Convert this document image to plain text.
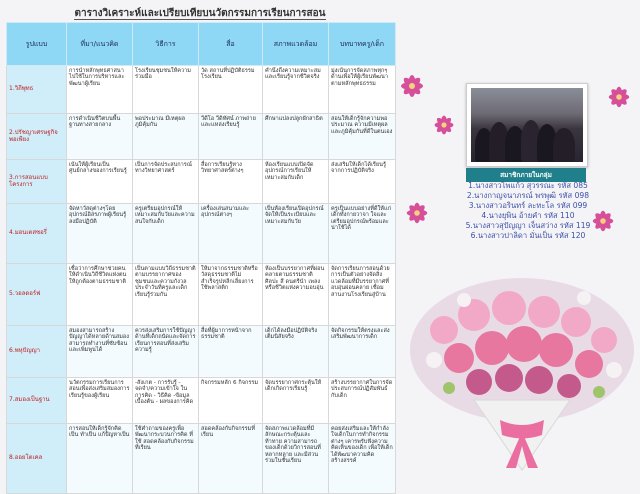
ตารางวิเคราะห์และเปรียบเทียบนวัตกรรมการเรียนการสอน
รูปแบบ	ที่มา/แนวคิด	วิธีการ	สื่อ	สภาพแวดล้อม	บทบาทครู/เด็ก
1.วิถีพุทธ	การนำหลักพุทธศาสนาไปใช้ในการบริหารและพัฒนาผู้เรียน	โรงเรียนชุมชนให้ความร่วมมือ	วัด สถานที่ปฏิบัติธรรม โรงเรียน	คำนึงถึงความเหมาะสมและเรียนรู้จากชีวิตจริง	มุ่งเน้นการจัดสภาพทุกๆด้านเพื่อให้ผู้เรียนพัฒนาตามหลักพุทธธรรม
2.ปรัชญาเศรษฐกิจพอเพียง	การดำเนินชีวิตบนพื้นฐานทางสายกลาง	พอประมาณ มีเหตุผล ภูมิคุ้มกัน	วีดีโอ วีดิทัศน์ ภาพถ่าย และแหล่งเรียนรู้	ศึกษาแปลงปลูกผักสาธิต	สอนให้เด็กรู้จักความพอประมาณ ความมีเหตุผลและภูมิคุ้มกันที่ดีในตนเอง
3.การสอนแบบโครงการ	เน้นให้ผู้เรียนเป็นศูนย์กลางของการเรียนรู้	เป็นการจัดประสบการณ์ทางวิทยาศาสตร์	สื่อการเรียนรู้ทางวิทยาศาสตร์ต่างๆ	ห้องเรียนแบบเปิดจัดอุปกรณ์การเรียนให้เหมาะสมกับเด็ก	ส่งเสริมให้เด็กได้เรียนรู้จากการปฏิบัติจริง
4.มอนเตสซอรี่	จัดหาวัสดุต่างๆโดยอุปกรณ์อิสรภาพผู้เรียนรู้ลงมือปฏิบัติ	ครูเตรียมอุปกรณ์ให้เหมาะสมกับวัยและความสนใจกับเด็ก	เครื่องเล่นสนามและอุปกรณ์ต่างๆ	เป็นห้องเรียนเปิดอุปกรณ์จัดให้เป็นระเบียบและเหมาะสมกับวัย	ครูเป็นแบบอย่างที่ดีให้แก่เด็กทั้งกายวาจา ใจและเตรียมอุปกรณ์พร้อมและน่าใช้ได้
5.วอลดอร์ฟ	เชื่อว่าการศึกษาช่วยคนให้ดำเนินวิถีชีวิตแห่งตนให้ถูกต้องตามธรรมชาติ	เป็นตามแบบวิถีธรรมชาติตามบรรยากาศของชุมชนและความกังวลประจำวันที่ครูและเด็กเรียนรู้ร่วมกัน	ให้มาจากธรรมชาติหรือวัสดุธรรมชาติไม่สำเร็จรูปหลีกเลี่ยงการใช้พลาสติก	ห้องเป็นบรรยากาศที่ผ่อนคลายตามธรรมชาติ ศิลปะ สี ดนตรีนำ เพลง หรือชีวิตแห่งความอบอุ่น	จัดการเรียนการสอนด้วยการเป็นตัวอย่างจัดสิ่งแวดล้อมที่มีบรรยากาศที่อบอุ่นผ่อนคลาย เชื่อมสานงานโรงเรียนสู่บ้าน
6.พหุปัญญา	สมองสามารถสร้างปัญญาได้หลายด้านสมองสามารถทำงานที่ซับซ้อนและเพิ่มพูนได้	ควรส่งเสริมการใช้ปัญญาด้านที่เด็กถนัดและจัดการเรียนการสอนที่ส่งเสริมความรู้	สื่อที่ผู้มาการหน้าจากธรรมชาติ	เด็กได้ลงมือปฏิบัติจริงเต็มนิสัยจริง	จัดกิจกรรมให้ตรงและส่งเสริมพัฒนาการเด็ก
7.สมองเป็นฐาน	นวัตกรรมการเรียนการสอนเพื่อส่งเสริมสมองการเรียนรู้ของผู้เรียน	-สังเกต - การรับรู้ - จดจำ/ความเข้าใจ ในการคิด - วิธีคิด -ข้อมูลเบื้องต้น - ผลของการคิด	กิจกรรมหลัก 6 กิจกรรม	จัดบรรยากาศกระตุ้นให้เด็กเกิดการเรียนรู้	สร้างบรรยากาศในการจัดประสบการณ์ปฏิสัมพันธ์กับเด็ก
8.ออยโตเคล	การสอนให้เด็กรู้จักคิดเป็น ทำเป็น แก้ปัญหาเป็น	ใช้คำถามของครูเพื่อพัฒนากระบวนการคิด ที่ใช้ สอดคล้องกับกิจกรรมที่เรียน	สอดคล้องกับกิจกรรมที่เรียน	จัดสภาพแวดล้อมที่มีลักษณะกระตุ้นและท้าทาย ความสามารถของเด็กด้วยวิการสอนที่หลากหลาย และมีส่วนร่วมในชั้นเรียน	คอยส่งเสริมและให้กำลังใจเด็กในการทำกิจกรรมต่างๆ เคารพรับฟังความคิดเห็นของเด็ก เพื่อให้เด็กได้พัฒนาความคิดสร้างสรรค์
สมาชิกภายในกลุ่ม
1.นางสาวไพแก้ว สุวรรณะ รหัส 085
2.นางกาญจนาภรณ์ พรพุฒิ รหัส 098
3.นางสาวอรินทร์ ละทะโล รหัส 099
4.นางยุพิน อ้ายคำ รหัส 110
5.นางสาวสุปัญญา เจ็นสว่าง รหัส 119
6.นางสาวปาลิดา มั่นเป็น รหัส 120
